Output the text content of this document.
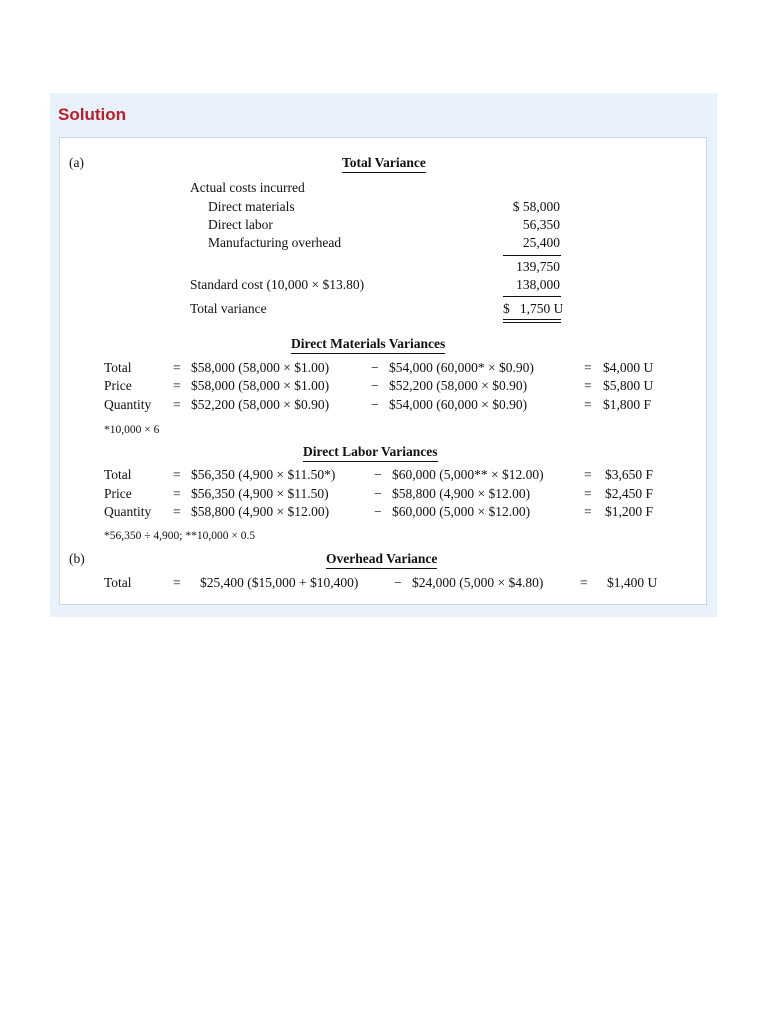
Solution
(a)	Total Variance
Actual costs incurred
Direct materials	$ 58,000
Direct labor	56,350
Manufacturing overhead	25,400
139,750
Standard cost (10,000 × $13.80)	138,000
Total variance	$   1,750 U
Direct Materials Variances
Total	= $58,000 (58,000 × $1.00)	− $54,000 (60,000* × $0.90)	= $4,000 U
Price	= $58,000 (58,000 × $1.00)	− $52,200 (58,000 × $0.90)	= $5,800 U
Quantity = $52,200 (58,000 × $0.90)	− $54,000 (60,000 × $0.90)	= $1,800 F
*10,000 × 6
Direct Labor Variances
Total	= $56,350 (4,900 × $11.50*)	− $60,000 (5,000** × $12.00)	= $3,650 F
Price	= $56,350 (4,900 × $11.50)	− $58,800 (4,900 × $12.00)	= $2,450 F
Quantity = $58,800 (4,900 × $12.00)	− $60,000 (5,000 × $12.00)	= $1,200 F
*56,350 ÷ 4,900; **10,000 × 0.5
(b)	Overhead Variance
Total	= $25,400 ($15,000 + $10,400)	− $24,000 (5,000 × $4.80)	= $1,400 U
